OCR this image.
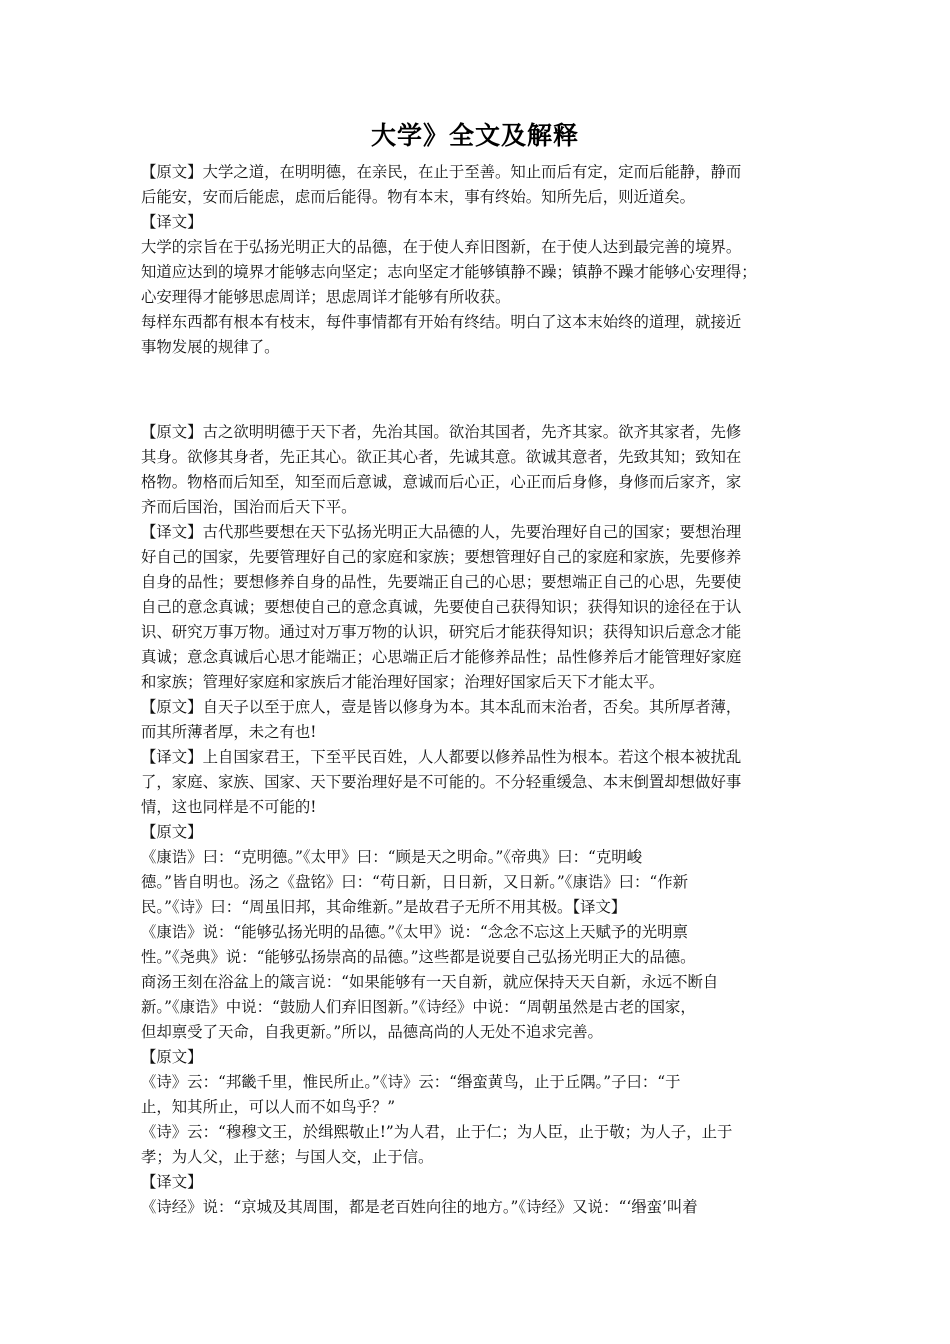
大学》全文及解释
【原文】大学之道，在明明德，在亲民，在止于至善。知止而后有定，定而后能静，静而
后能安，安而后能虑，虑而后能得。物有本末，事有终始。知所先后，则近道矣。
【译文】
大学的宗旨在于弘扬光明正大的品德，在于使人弃旧图新，在于使人达到最完善的境界。
知道应达到的境界才能够志向坚定；志向坚定才能够镇静不躁；镇静不躁才能够心安理得；
心安理得才能够思虑周详；思虑周详才能够有所收获。
每样东西都有根本有枝末，每件事情都有开始有终结。明白了这本末始终的道理，就接近
事物发展的规律了。
【原文】古之欲明明德于天下者，先治其国。欲治其国者，先齐其家。欲齐其家者，先修
其身。欲修其身者，先正其心。欲正其心者，先诚其意。欲诚其意者，先致其知；致知在
格物。物格而后知至，知至而后意诚，意诚而后心正，心正而后身修，身修而后家齐，家
齐而后国治，国治而后天下平。
【译文】古代那些要想在天下弘扬光明正大品德的人，先要治理好自己的国家；要想治理
好自己的国家，先要管理好自己的家庭和家族；要想管理好自己的家庭和家族，先要修养
自身的品性；要想修养自身的品性，先要端正自己的心思；要想端正自己的心思，先要使
自己的意念真诚；要想使自己的意念真诚，先要使自己获得知识；获得知识的途径在于认
识、研究万事万物。通过对万事万物的认识，研究后才能获得知识；获得知识后意念才能
真诚；意念真诚后心思才能端正；心思端正后才能修养品性；品性修养后才能管理好家庭
和家族；管理好家庭和家族后才能治理好国家；治理好国家后天下才能太平。
【原文】自天子以至于庶人，壹是皆以修身为本。其本乱而末治者，否矣。其所厚者薄，
而其所薄者厚，未之有也!
【译文】上自国家君王，下至平民百姓，人人都要以修养品性为根本。若这个根本被扰乱
了，家庭、家族、国家、天下要治理好是不可能的。不分轻重缓急、本末倒置却想做好事
情，这也同样是不可能的!
【原文】
《康诰》曰：“克明德。”《太甲》曰：“顾是天之明命。”《帝典》曰：“克明峻
德。”皆自明也。汤之《盘铭》曰：“苟日新，日日新，又日新。”《康诰》曰：“作新
民。”《诗》曰：“周虽旧邦，其命维新。”是故君子无所不用其极。【译文】
《康诰》说：“能够弘扬光明的品德。”《太甲》说：“念念不忘这上天赋予的光明禀
性。”《尧典》说：“能够弘扬崇高的品德。”这些都是说要自己弘扬光明正大的品德。
商汤王刻在浴盆上的箴言说：“如果能够有一天自新，就应保持天天自新，永远不断自
新。”《康诰》中说：“鼓励人们弃旧图新。”《诗经》中说：“周朝虽然是古老的国家，
但却禀受了天命，自我更新。”所以，品德高尚的人无处不追求完善。
【原文】
《诗》云：“邦畿千里，惟民所止。”《诗》云：“缗蛮黄鸟，止于丘隅。”子曰：“于
止，知其所止，可以人而不如鸟乎？”
《诗》云：“穆穆文王，於缉熙敬止!”为人君，止于仁；为人臣，止于敬；为人子，止于
孝；为人父，止于慈；与国人交，止于信。
【译文】
《诗经》说：“京城及其周围，都是老百姓向往的地方。”《诗经》又说：“‘缗蛮’叫着
